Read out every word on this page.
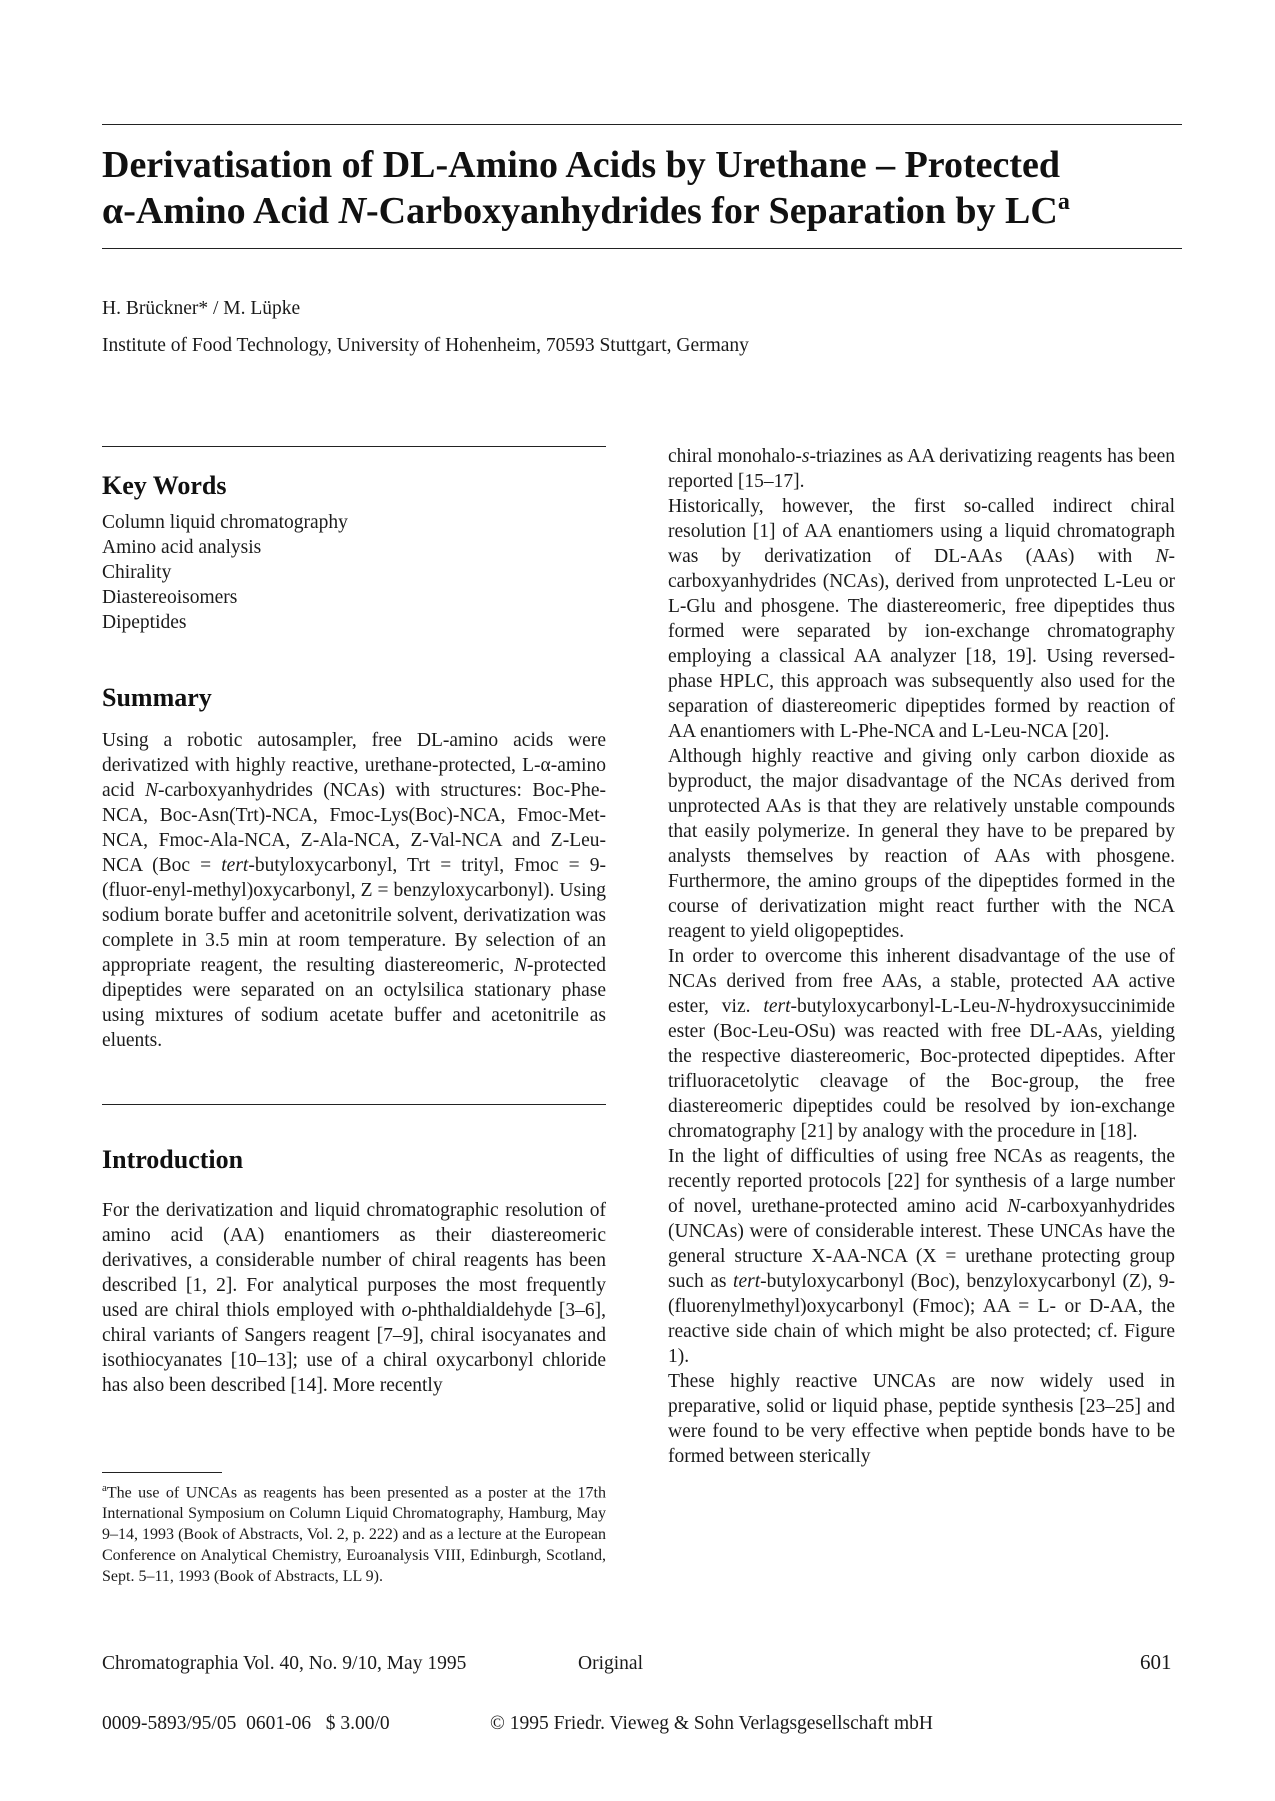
Derivatisation of DL-Amino Acids by Urethane – Protected
α-Amino Acid N-Carboxyanhydrides for Separation by $LC^a$
H. Brückner* / M. Lüpke
Institute of Food Technology, University of Hohenheim, 70593 Stuttgart, Germany
Key Words
Column liquid chromatography
Amino acid analysis
Chirality
Diastereoisomers
Dipeptides
Summary

Using a robotic autosampler, free DL-amino acids were derivatized with highly reactive, urethane-protected, L-α-amino acid N-carboxyanhydrides (NCAs) with structures: Boc-Phe-NCA, Boc-Asn(Trt)-NCA, Fmoc-Lys(Boc)-NCA, Fmoc-Met-NCA, Fmoc-Ala-NCA, Z-Ala-NCA, Z-Val-NCA and Z-Leu-NCA (Boc = tert-butyloxycarbonyl, Trt = trityl, Fmoc = 9-(fluor-enyl-methyl)oxycarbonyl, Z = benzyloxycarbonyl). Using sodium borate buffer and acetonitrile solvent, derivatization was complete in 3.5 min at room temperature. By selection of an appropriate reagent, the resulting diastereomeric, N-protected dipeptides were separated on an octylsilica stationary phase using mixtures of sodium acetate buffer and acetonitrile as eluents.

Introduction

For the derivatization and liquid chromatographic resolution of amino acid (AA) enantiomers as their diastereomeric derivatives, a considerable number of chiral reagents has been described [1, 2]. For analytical purposes the most frequently used are chiral thiols employed with o-phthaldialdehyde [3–6], chiral variants of Sangers reagent [7–9], chiral isocyanates and isothiocyanates [10–13]; use of a chiral oxycarbonyl chloride has also been described [14]. More recently

$^a$The use of UNCAs as reagents has been presented as a poster at the 17th International Symposium on Column Liquid Chromatography, Hamburg, May 9–14, 1993 (Book of Abstracts, Vol. 2, p. 222) and as a lecture at the European Conference on Analytical Chemistry, Euroanalysis VIII, Edinburgh, Scotland, Sept. 5–11, 1993 (Book of Abstracts, LL 9).

chiral monohalo-s-triazines as AA derivatizing reagents has been reported [15–17].

Historically, however, the first so-called indirect chiral resolution [1] of AA enantiomers using a liquid chromatograph was by derivatization of DL-AAs (AAs) with N-carboxyanhydrides (NCAs), derived from unprotected L-Leu or L-Glu and phosgene. The diastereomeric, free dipeptides thus formed were separated by ion-exchange chromatography employing a classical AA analyzer [18, 19]. Using reversed-phase HPLC, this approach was subsequently also used for the separation of diastereomeric dipeptides formed by reaction of AA enantiomers with L-Phe-NCA and L-Leu-NCA [20].

Although highly reactive and giving only carbon dioxide as byproduct, the major disadvantage of the NCAs derived from unprotected AAs is that they are relatively unstable compounds that easily polymerize. In general they have to be prepared by analysts themselves by reaction of AAs with phosgene. Furthermore, the amino groups of the dipeptides formed in the course of derivatization might react further with the NCA reagent to yield oligopeptides.

In order to overcome this inherent disadvantage of the use of NCAs derived from free AAs, a stable, protected AA active ester, viz. tert-butyloxycarbonyl-L-Leu-N-hydroxysuccinimide ester (Boc-Leu-OSu) was reacted with free DL-AAs, yielding the respective diastereomeric, Boc-protected dipeptides. After trifluoracetolytic cleavage of the Boc-group, the free diastereomeric dipeptides could be resolved by ion-exchange chromatography [21] by analogy with the procedure in [18].

In the light of difficulties of using free NCAs as reagents, the recently reported protocols [22] for synthesis of a large number of novel, urethane-protected amino acid N-carboxyanhydrides (UNCAs) were of considerable interest. These UNCAs have the general structure X-AA-NCA (X = urethane protecting group such as tert-butyloxycarbonyl (Boc), benzyloxycarbonyl (Z), 9-(fluorenylmethyl)oxycarbonyl (Fmoc); AA = L- or D-AA, the reactive side chain of which might be also protected; cf. Figure 1).

These highly reactive UNCAs are now widely used in preparative, solid or liquid phase, peptide synthesis [23–25] and were found to be very effective when peptide bonds have to be formed between sterically

Chromatographia Vol. 40, No. 9/10, May 1995	Original	601
0009-5893/95/05  0601-06   $ 3.00/0	© 1995 Friedr. Vieweg & Sohn Verlagsgesellschaft mbH
